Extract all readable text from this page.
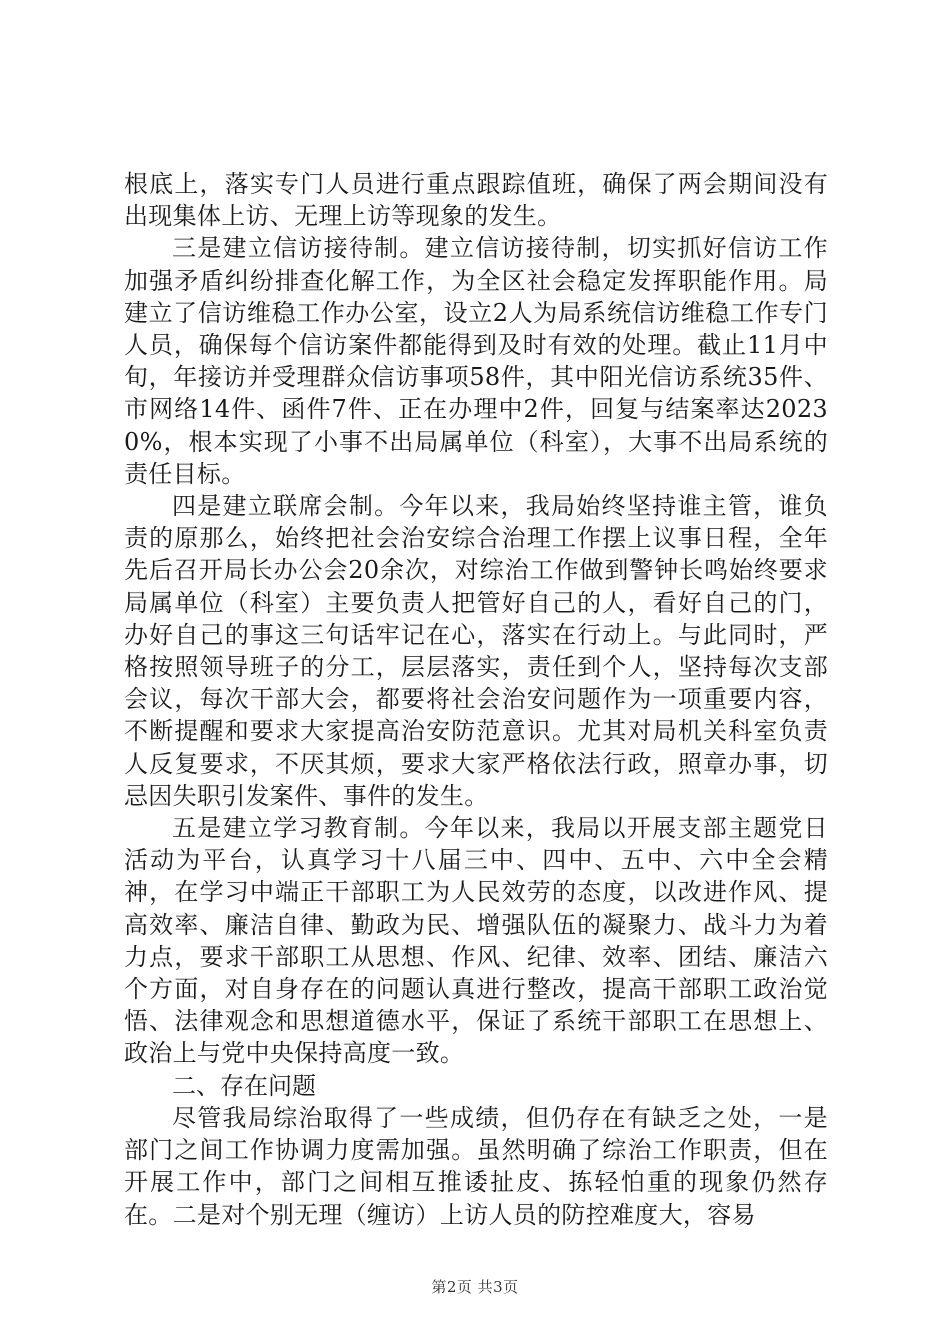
根底上，落实专门人员进行重点跟踪值班，确保了两会期间没有出现集体上访、无理上访等现象的发生。

三是建立信访接待制。建立信访接待制，切实抓好信访工作加强矛盾纠纷排查化解工作，为全区社会稳定发挥职能作用。局建立了信访维稳工作办公室，设立2人为局系统信访维稳工作专门人员，确保每个信访案件都能得到及时有效的处理。截止11月中旬，年接访并受理群众信访事项58件，其中阳光信访系统35件、市网络14件、函件7件、正在办理中2件，回复与结案率达20230%，根本实现了小事不出局属单位（科室），大事不出局系统的责任目标。

四是建立联席会制。今年以来，我局始终坚持谁主管，谁负责的原那么，始终把社会治安综合治理工作摆上议事日程，全年先后召开局长办公会20余次，对综治工作做到警钟长鸣始终要求局属单位（科室）主要负责人把管好自己的人，看好自己的门，办好自己的事这三句话牢记在心，落实在行动上。与此同时，严格按照领导班子的分工，层层落实，责任到个人，坚持每次支部会议，每次干部大会，都要将社会治安问题作为一项重要内容，不断提醒和要求大家提高治安防范意识。尤其对局机关科室负责人反复要求，不厌其烦，要求大家严格依法行政，照章办事，切忌因失职引发案件、事件的发生。

五是建立学习教育制。今年以来，我局以开展支部主题党日活动为平台，认真学习十八届三中、四中、五中、六中全会精神，在学习中端正干部职工为人民效劳的态度，以改进作风、提高效率、廉洁自律、勤政为民、增强队伍的凝聚力、战斗力为着力点，要求干部职工从思想、作风、纪律、效率、团结、廉洁六个方面，对自身存在的问题认真进行整改，提高干部职工政治觉悟、法律观念和思想道德水平，保证了系统干部职工在思想上、政治上与党中央保持高度一致。

二、存在问题

尽管我局综治取得了一些成绩，但仍存在有缺乏之处，一是部门之间工作协调力度需加强。虽然明确了综治工作职责，但在开展工作中，部门之间相互推诿扯皮、拣轻怕重的现象仍然存在。二是对个别无理（缠访）上访人员的防控难度大，容易

第2页 共3页
